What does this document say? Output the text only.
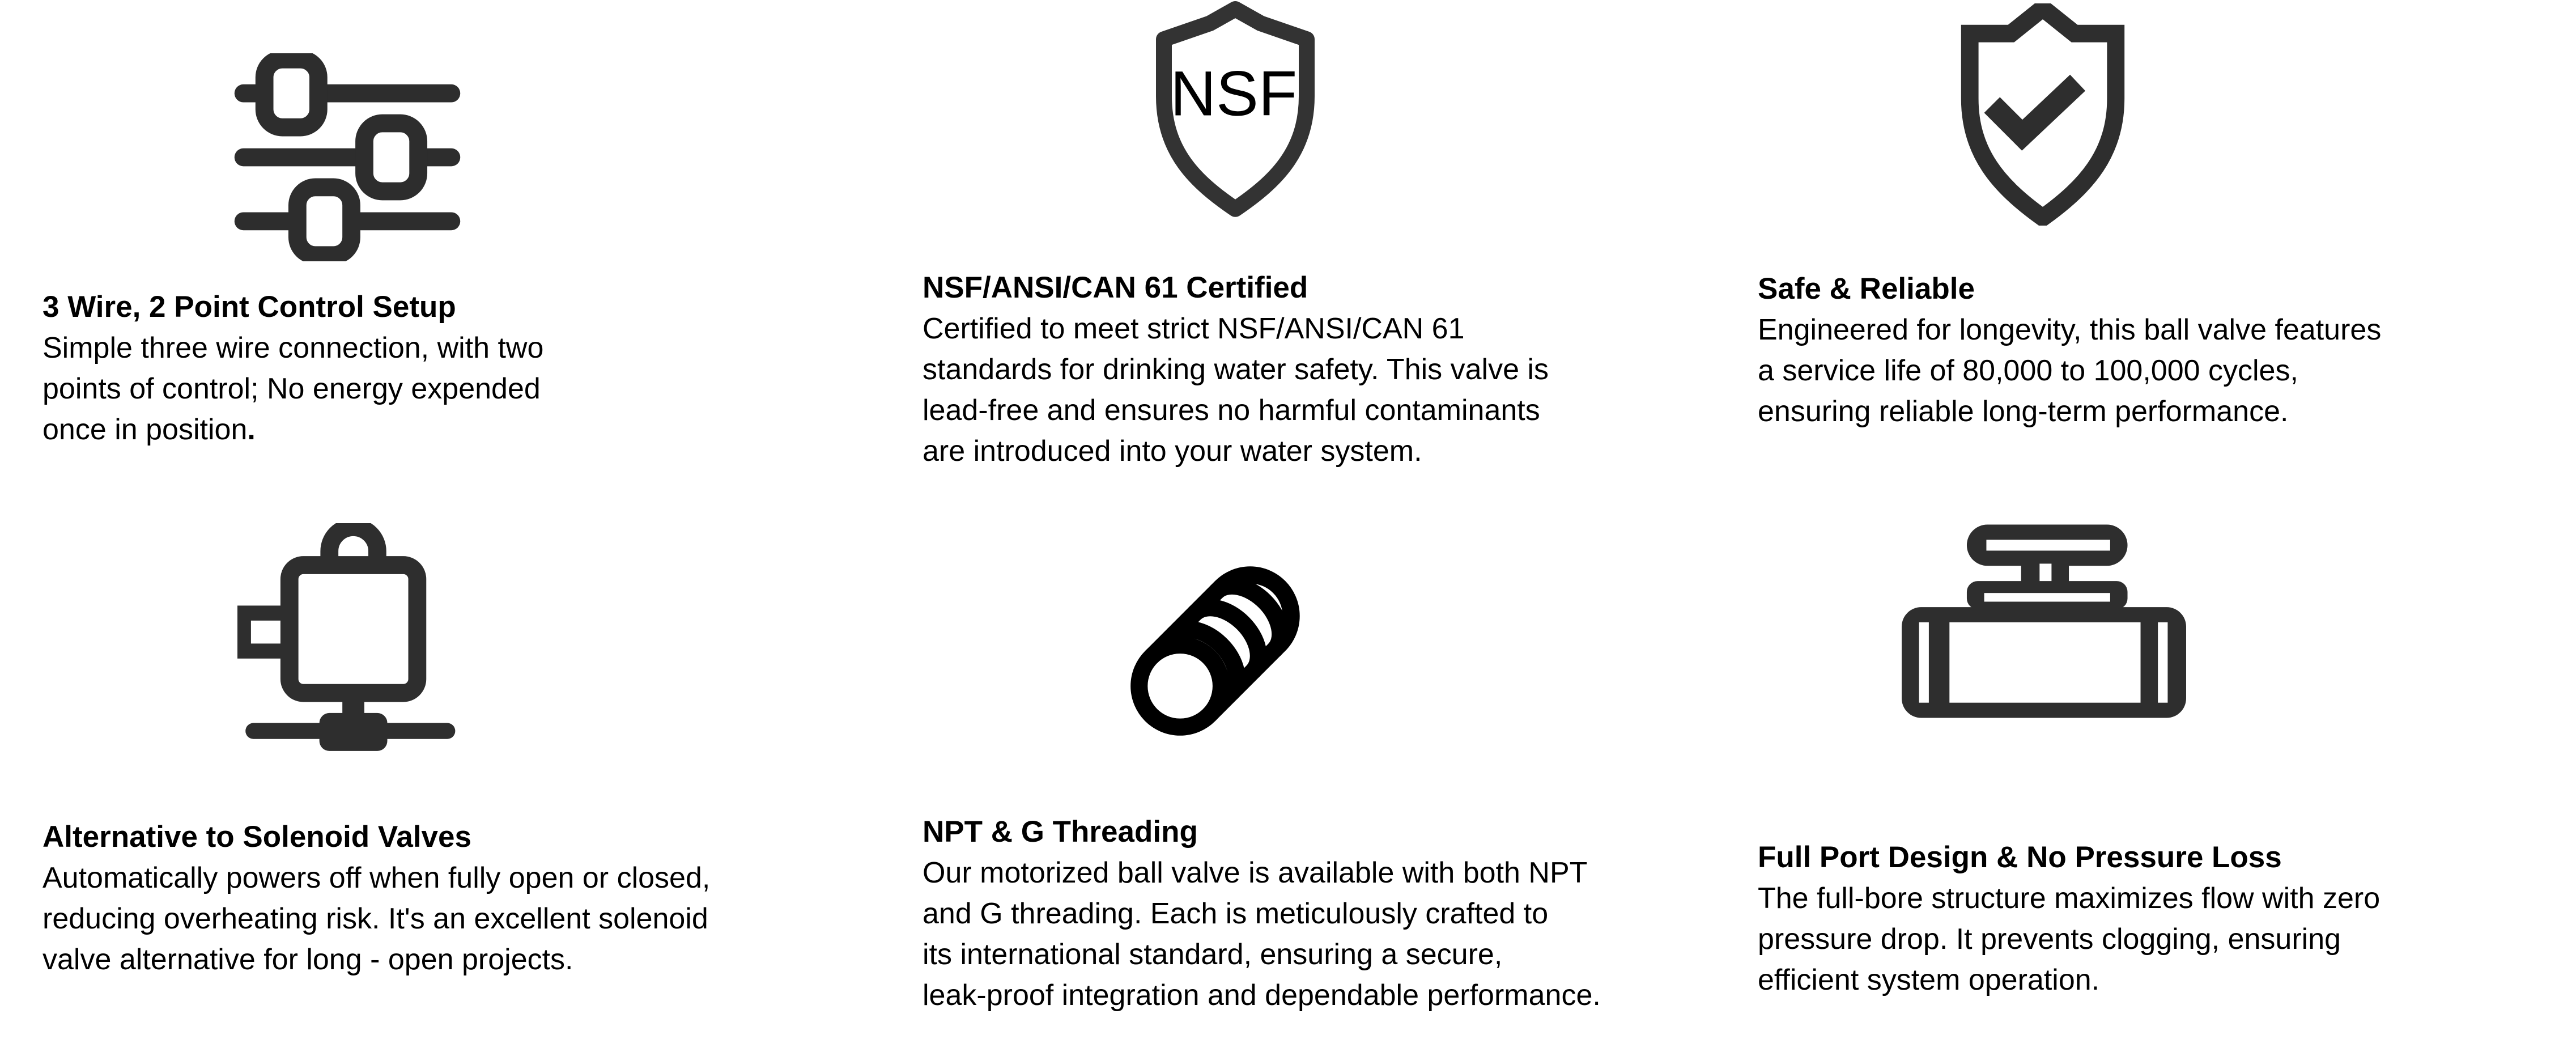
NSF
3 Wire, 2 Point Control Setup
Simple three wire connection, with two
points of control; No energy expended
once in position.
NSF/ANSI/CAN 61 Certified
Certified to meet strict NSF/ANSI/CAN 61
standards for drinking water safety. This valve is
lead-free and ensures no harmful contaminants
are introduced into your water system.
Safe & Reliable
Engineered for longevity, this ball valve features
a service life of 80,000 to 100,000 cycles,
ensuring reliable long-term performance.
Alternative to Solenoid Valves
Automatically powers off when fully open or closed,
reducing overheating risk. It's an excellent solenoid
valve alternative for long - open projects.
NPT & G Threading
Our motorized ball valve is available with both NPT
and G threading. Each is meticulously crafted to
its international standard, ensuring a secure,
leak-proof integration and dependable performance.
Full Port Design & No Pressure Loss
The full-bore structure maximizes flow with zero
pressure drop. It prevents clogging, ensuring
efficient system operation.
